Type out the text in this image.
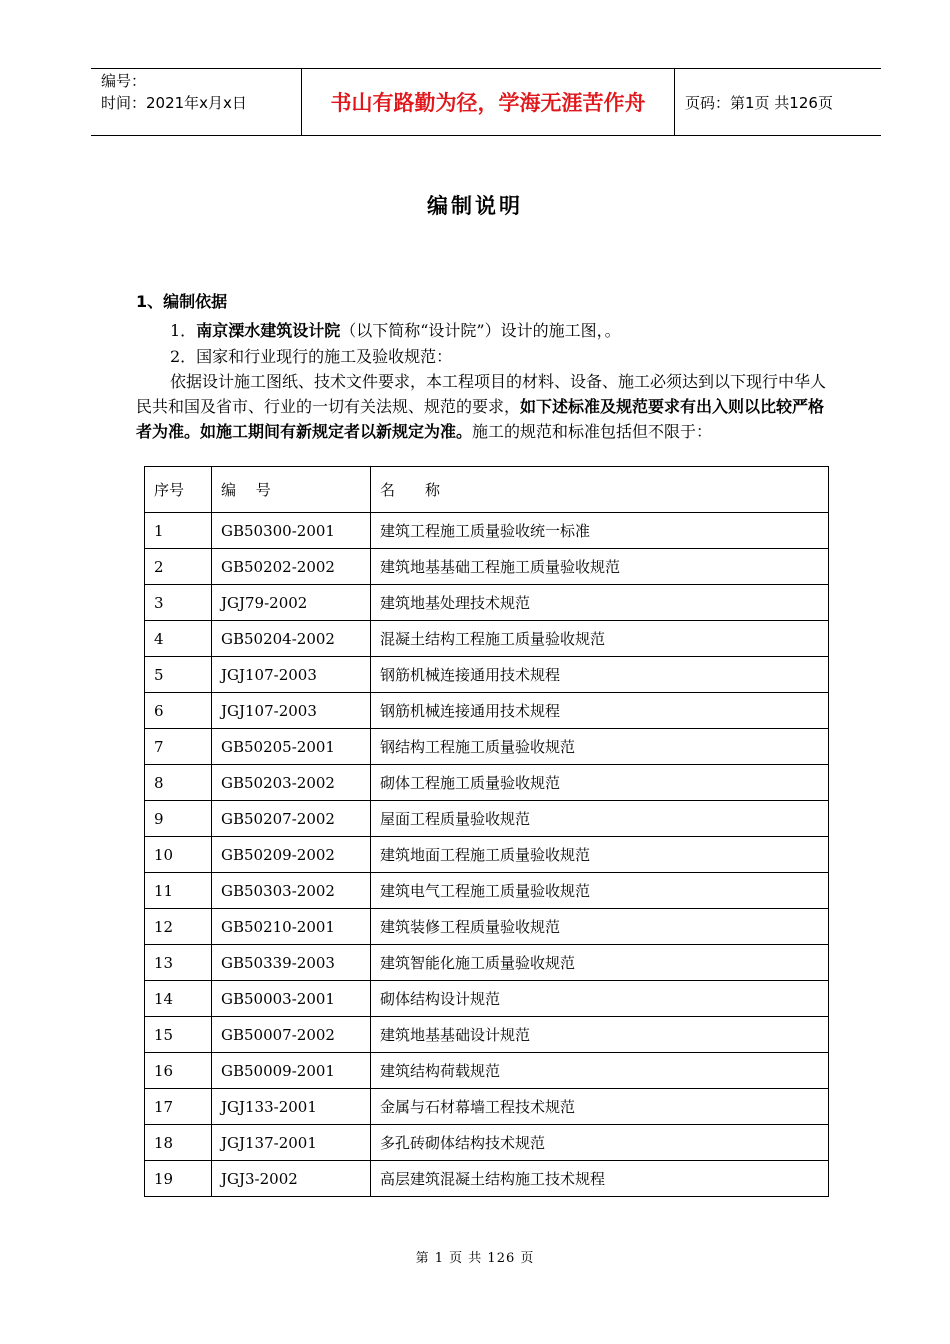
编号：
时间：2021年x月x日	书山有路勤为径，学海无涯苦作舟	页码：第1页 共126页
编制说明
1、编制依据
1．南京溧水建筑设计院（以下简称“设计院”）设计的施工图，。
2．国家和行业现行的施工及验收规范：
依据设计施工图纸、技术文件要求，本工程项目的材料、设备、施工必须达到以下现行中华人民共和国及省市、行业的一切有关法规、规范的要求，如下述标准及规范要求有出入则以比较严格者为准。如施工期间有新规定者以新规定为准。施工的规范和标准包括但不限于：
序号	编　 号	名　　称
1	GB50300-2001	建筑工程施工质量验收统一标准
2	GB50202-2002	建筑地基基础工程施工质量验收规范
3	JGJ79-2002	建筑地基处理技术规范
4	GB50204-2002	混凝土结构工程施工质量验收规范
5	JGJ107-2003	钢筋机械连接通用技术规程
6	JGJ107-2003	钢筋机械连接通用技术规程
7	GB50205-2001	钢结构工程施工质量验收规范
8	GB50203-2002	砌体工程施工质量验收规范
9	GB50207-2002	屋面工程质量验收规范
10	GB50209-2002	建筑地面工程施工质量验收规范
11	GB50303-2002	建筑电气工程施工质量验收规范
12	GB50210-2001	建筑装修工程质量验收规范
13	GB50339-2003	建筑智能化施工质量验收规范
14	GB50003-2001	砌体结构设计规范
15	GB50007-2002	建筑地基基础设计规范
16	GB50009-2001	建筑结构荷载规范
17	JGJ133-2001	金属与石材幕墙工程技术规范
18	JGJ137-2001	多孔砖砌体结构技术规范
19	JGJ3-2002	高层建筑混凝土结构施工技术规程
第 1 页 共 126 页
